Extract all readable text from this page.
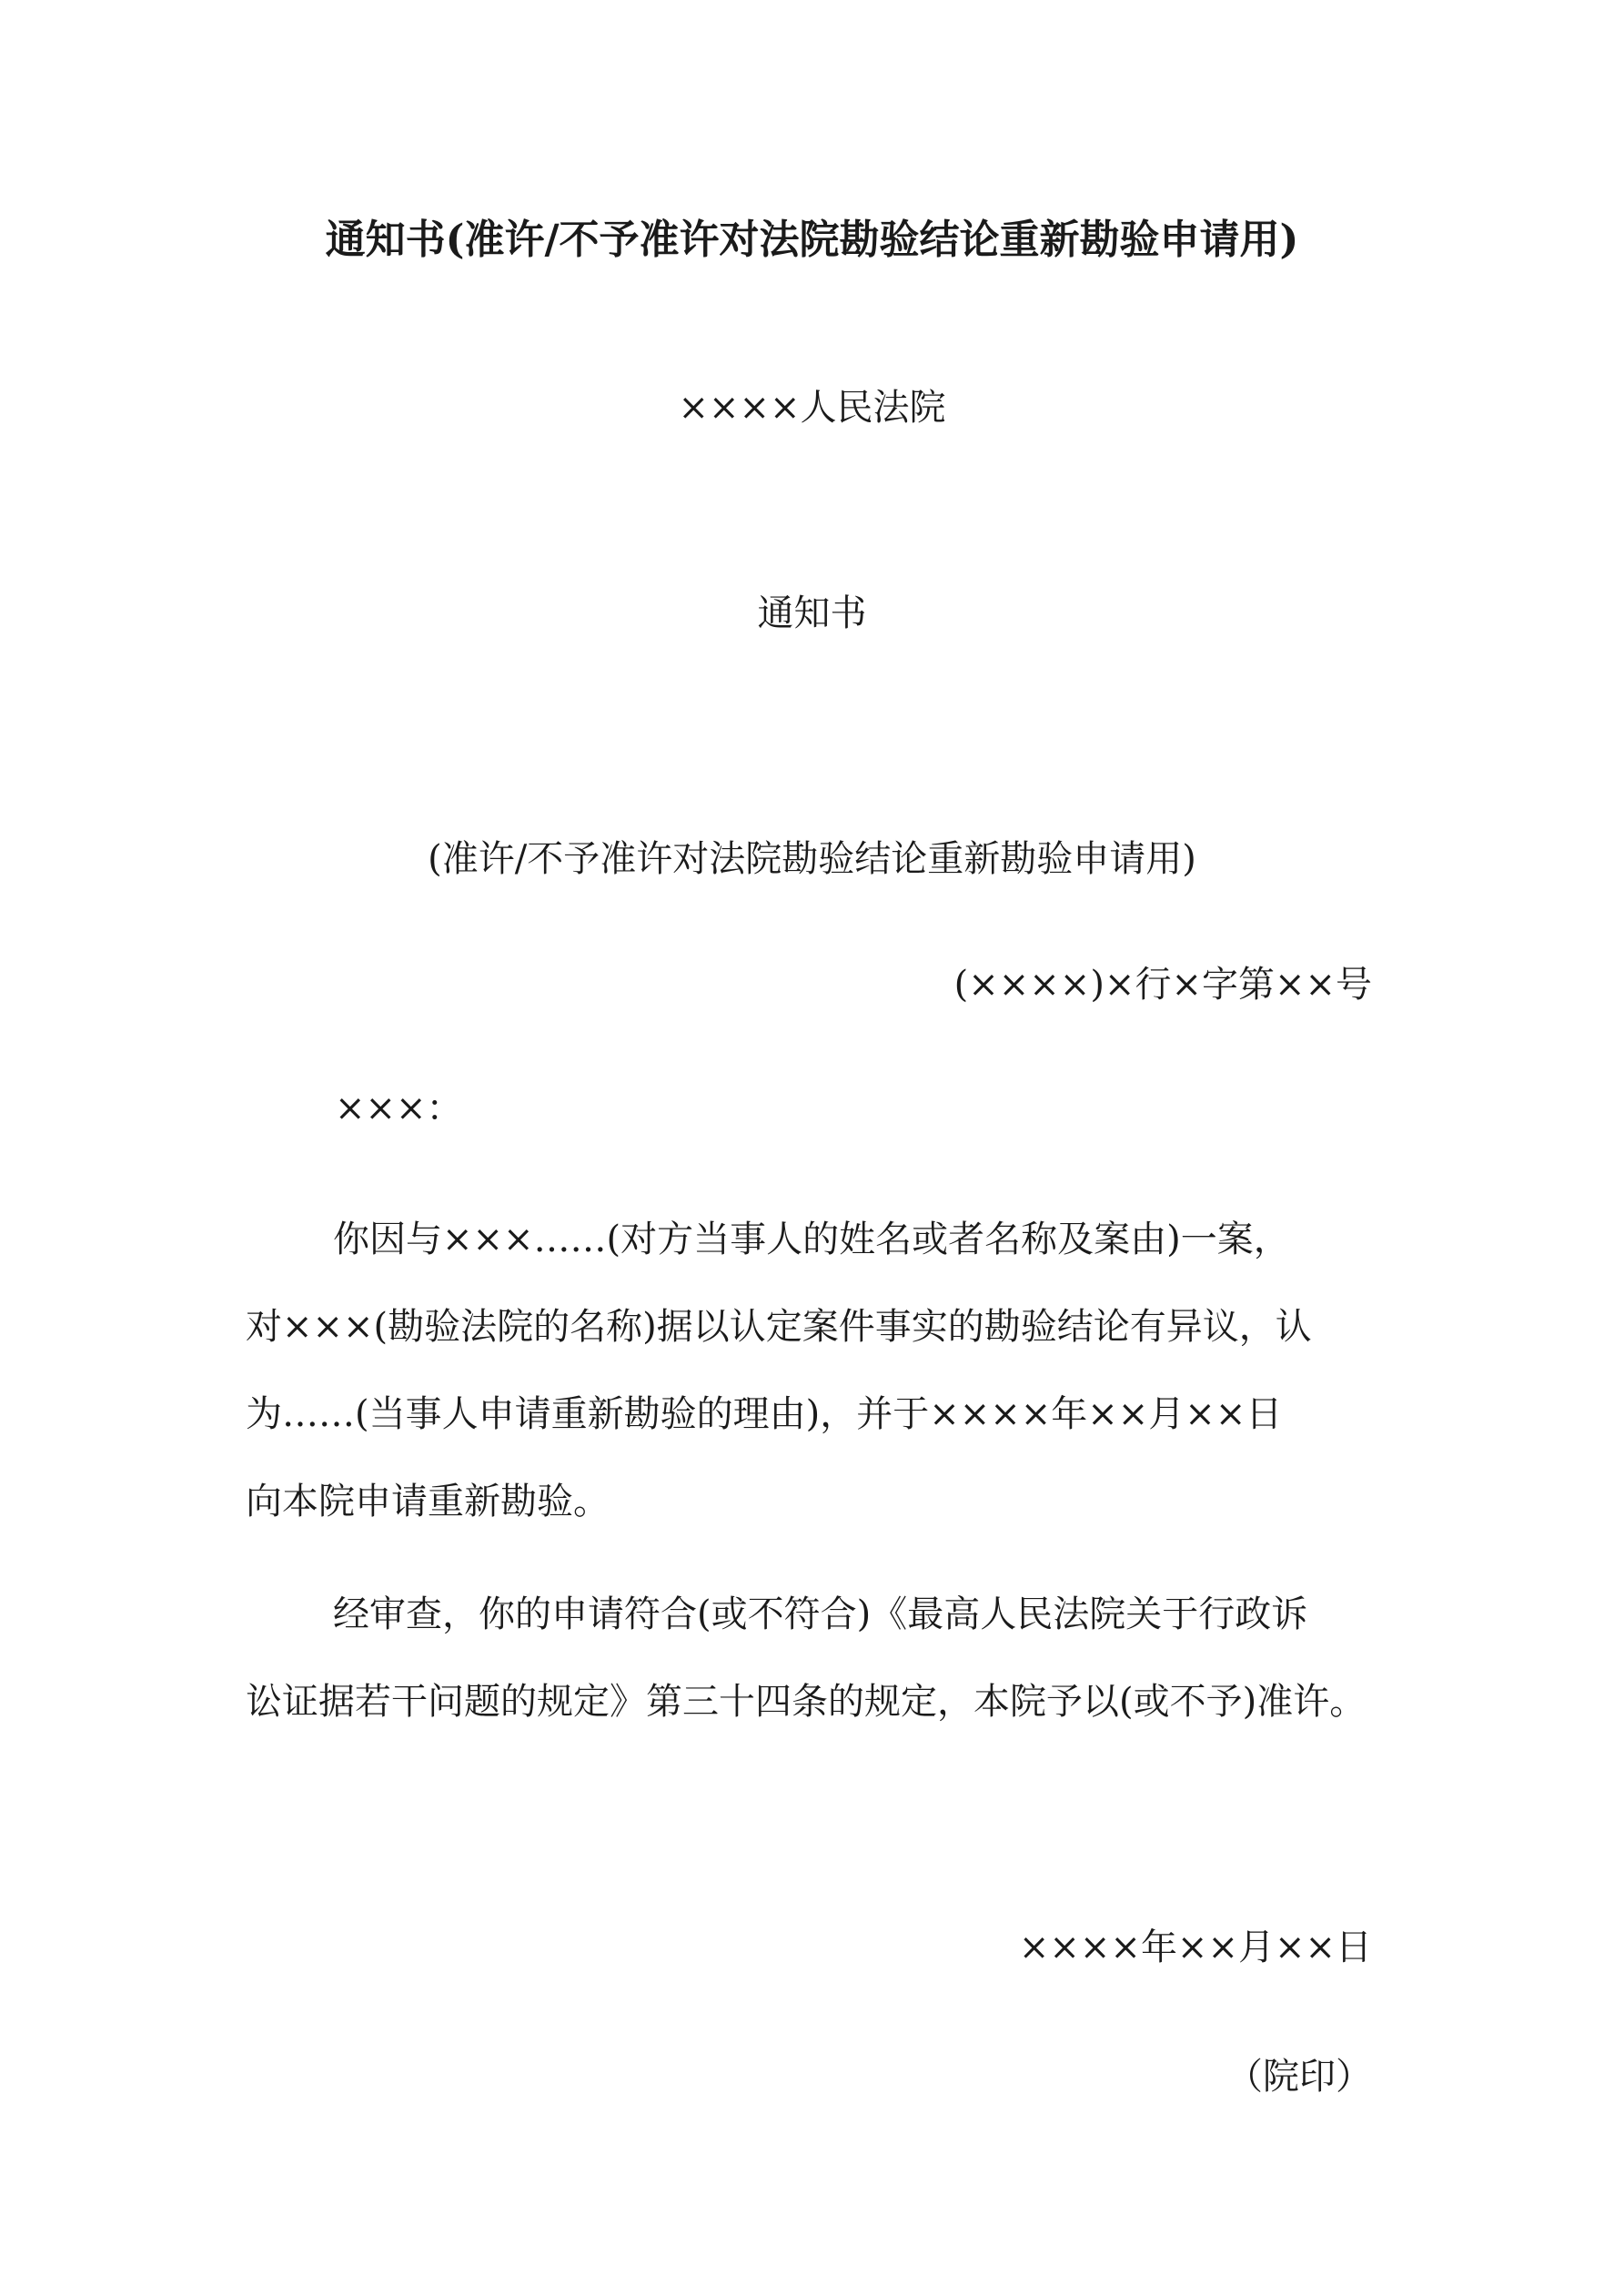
通知书(准许/不予准许对法院勘验结论重新勘验申请用)
××××人民法院
通知书
(准许/不予准许对法院勘验结论重新勘验申请用)
(××××)×行×字第××号
×××：
你因与×××……(对方当事人的姓名或者名称及案由)一案，
对×××(勘验法院的名称)据以认定案件事实的勘验结论有异议，认
为……(当事人申请重新勘验的理由)，并于××××年××月××日
向本院申请重新勘验。
经审查，你的申请符合(或不符合)《最高人民法院关于行政诉
讼证据若干问题的规定》第三十四条的规定，本院予以(或不予)准许。
××××年××月××日
（院印）
